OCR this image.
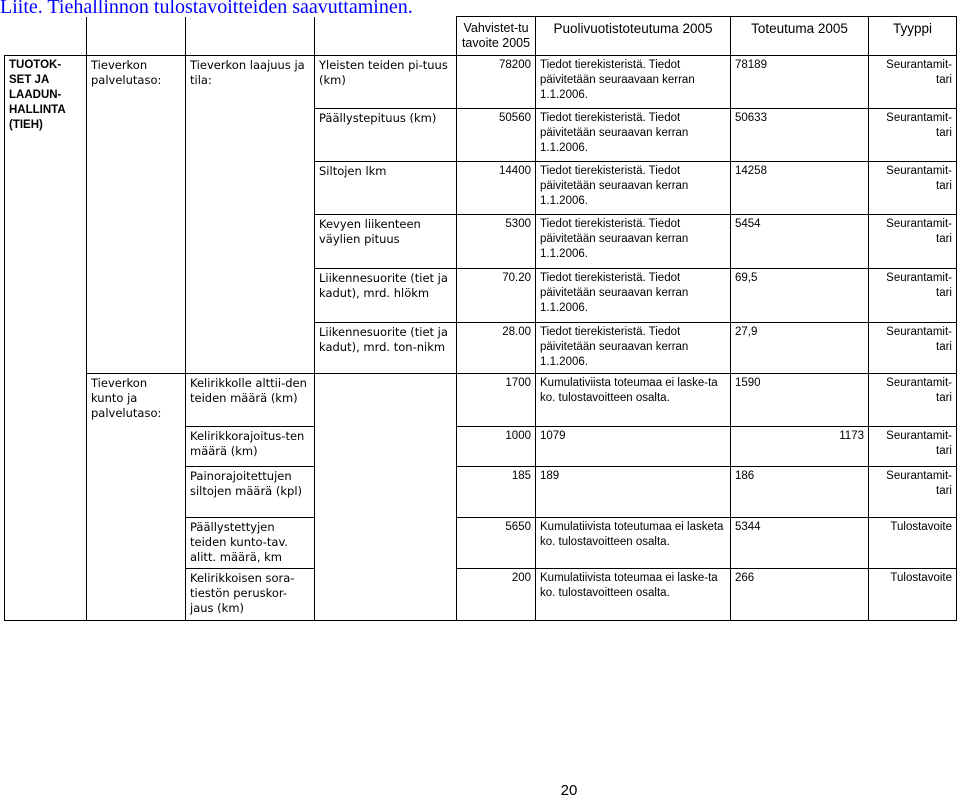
Liite. Tiehallinnon tulostavoitteiden saavuttaminen.
				Vahvistet-tu tavoite 2005	Puolivuotistoteutuma 2005	Toteutuma 2005	Tyyppi
TUOTOK-SET JA LAADUN-HALLINTA (TIEH)	Tieverkon palvelutaso:	Tieverkon laajuus ja tila:	Yleisten teiden pi-tuus (km)	78200	Tiedot tierekisteristä. Tiedot päivitetään seuraavaan kerran 1.1.2006.	78189	Seurantamit-tari
			Päällystepituus (km)	50560	Tiedot tierekisteristä. Tiedot päivitetään seuraavan kerran 1.1.2006.	50633	Seurantamit-tari
			Siltojen lkm	14400	Tiedot tierekisteristä. Tiedot päivitetään seuraavan kerran 1.1.2006.	14258	Seurantamit-tari
			Kevyen liikenteen väylien pituus	5300	Tiedot tierekisteristä. Tiedot päivitetään seuraavan kerran 1.1.2006.	5454	Seurantamit-tari
			Liikennesuorite (tiet ja kadut), mrd. hlökm	70.20	Tiedot tierekisteristä. Tiedot päivitetään seuraavan kerran 1.1.2006.	69,5	Seurantamit-tari
			Liikennesuorite (tiet ja kadut), mrd. ton-nikm	28.00	Tiedot tierekisteristä. Tiedot päivitetään seuraavan kerran 1.1.2006.	27,9	Seurantamit-tari
	Tieverkon kunto ja palvelutaso:	Kelirikkolle alttii-den teiden määrä (km)		1700	Kumulativiista toteumaa ei laske-ta ko. tulostavoitteen osalta.	1590	Seurantamit-tari
		Kelirikkorajoitus-ten määrä (km)		1000	1079	1173	Seurantamit-tari
		Painorajoitettujen siltojen määrä (kpl)		185	189	186	Seurantamit-tari
		Päällystettyjen teiden kunto-tav. alitt. määrä, km		5650	Kumulatiivista toteutumaa ei lasketa ko. tulostavoitteen osalta.	5344	Tulostavoite
		Kelirikkoisen sora-tiestön peruskor-jaus (km)		200	Kumulatiivista toteumaa ei laske-ta ko. tulostavoitteen osalta.	266	Tulostavoite
20
